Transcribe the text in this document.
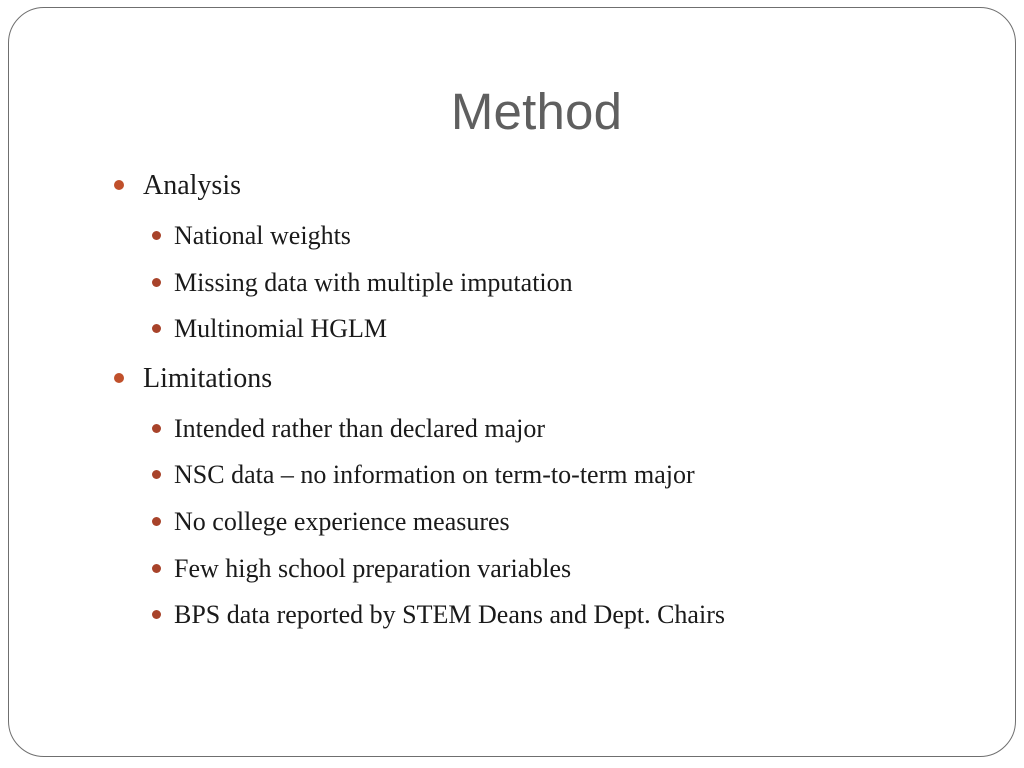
Method
Analysis
National weights
Missing data with multiple imputation
Multinomial HGLM
Limitations
Intended rather than declared major
NSC data – no information on term-to-term major
No college experience measures
Few high school preparation variables
BPS data reported by STEM Deans and Dept. Chairs
